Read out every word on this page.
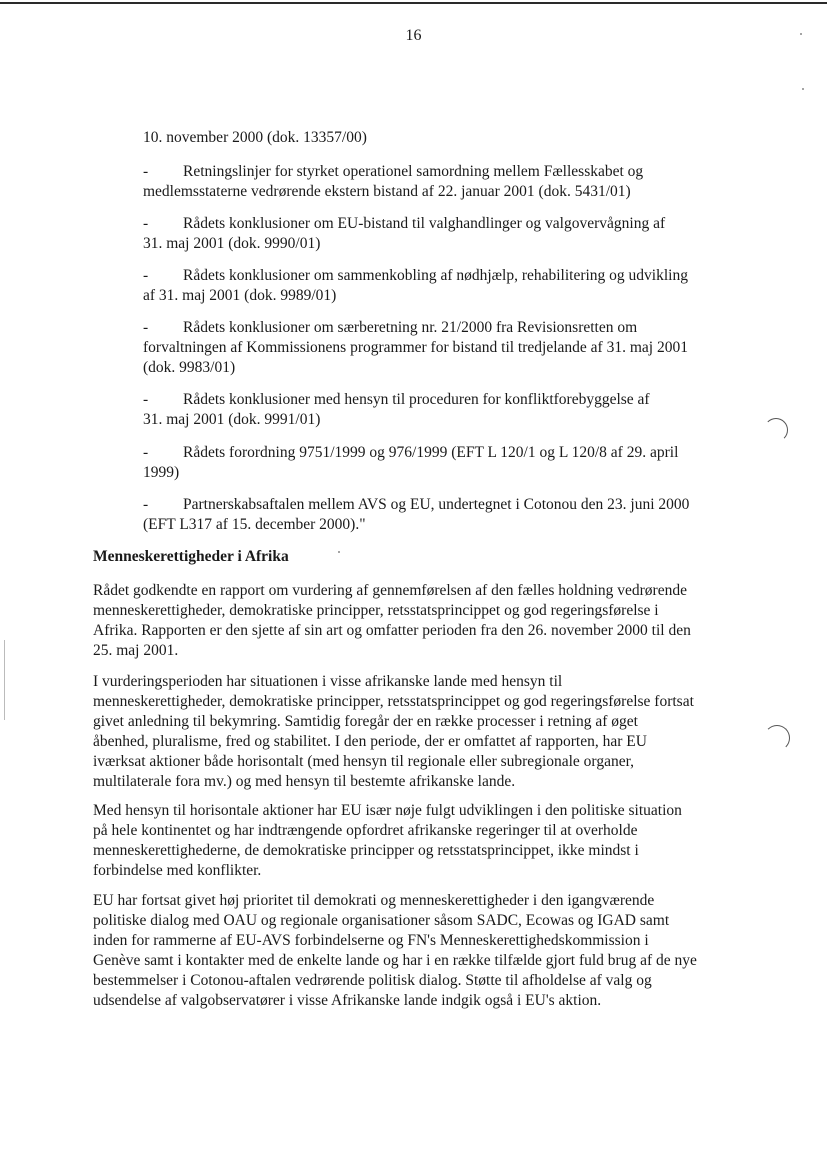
16
10. november 2000 (dok. 13357/00)
- Retningslinjer for styrket operationel samordning mellem Fællesskabet og
medlemsstaterne vedrørende ekstern bistand af 22. januar 2001 (dok. 5431/01)
- Rådets konklusioner om EU-bistand til valghandlinger og valgovervågning af
31. maj 2001 (dok. 9990/01)
- Rådets konklusioner om sammenkobling af nødhjælp, rehabilitering og udvikling
af 31. maj 2001 (dok. 9989/01)
- Rådets konklusioner om særberetning nr. 21/2000 fra Revisionsretten om
forvaltningen af Kommissionens programmer for bistand til tredjelande af 31. maj 2001
(dok. 9983/01)
- Rådets konklusioner med hensyn til proceduren for konfliktforebyggelse af
31. maj 2001 (dok. 9991/01)
- Rådets forordning 9751/1999 og 976/1999 (EFT L 120/1 og L 120/8 af 29. april
1999)
- Partnerskabsaftalen mellem AVS og EU, undertegnet i Cotonou den 23. juni 2000
(EFT L317 af 15. december 2000)."
Menneskerettigheder i Afrika
Rådet godkendte en rapport om vurdering af gennemførelsen af den fælles holdning vedrørende
menneskerettigheder, demokratiske principper, retsstatsprincippet og god regeringsførelse i
Afrika. Rapporten er den sjette af sin art og omfatter perioden fra den 26. november 2000 til den
25. maj 2001.
I vurderingsperioden har situationen i visse afrikanske lande med hensyn til
menneskerettigheder, demokratiske principper, retsstatsprincippet og god regeringsførelse fortsat
givet anledning til bekymring. Samtidig foregår der en række processer i retning af øget
åbenhed, pluralisme, fred og stabilitet. I den periode, der er omfattet af rapporten, har EU
iværksat aktioner både horisontalt (med hensyn til regionale eller subregionale organer,
multilaterale fora mv.) og med hensyn til bestemte afrikanske lande.
Med hensyn til horisontale aktioner har EU især nøje fulgt udviklingen i den politiske situation
på hele kontinentet og har indtrængende opfordret afrikanske regeringer til at overholde
menneskerettighederne, de demokratiske principper og retsstatsprincippet, ikke mindst i
forbindelse med konflikter.
EU har fortsat givet høj prioritet til demokrati og menneskerettigheder i den igangværende
politiske dialog med OAU og regionale organisationer såsom SADC, Ecowas og IGAD samt
inden for rammerne af EU-AVS forbindelserne og FN's Menneskerettighedskommission i
Genève samt i kontakter med de enkelte lande og har i en række tilfælde gjort fuld brug af de nye
bestemmelser i Cotonou-aftalen vedrørende politisk dialog. Støtte til afholdelse af valg og
udsendelse af valgobservatører i visse Afrikanske lande indgik også i EU's aktion.
